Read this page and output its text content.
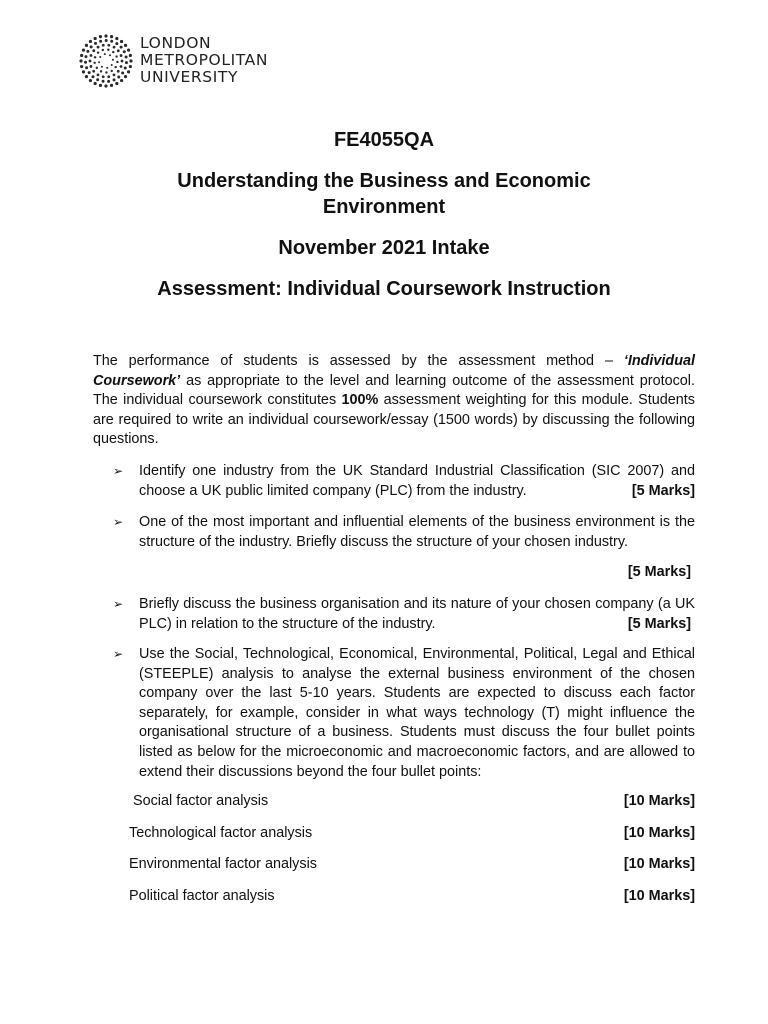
LONDON
METROPOLITAN
UNIVERSITY

FE4055QA

Understanding the Business and Economic
Environment

November 2021 Intake

Assessment: Individual Coursework Instruction

The performance of students is assessed by the assessment method – ‘Individual Coursework’ as appropriate to the level and learning outcome of the assessment protocol. The individual coursework constitutes 100% assessment weighting for this module. Students are required to write an individual coursework/essay (1500 words) by discussing the following questions.
➢	Identify one industry from the UK Standard Industrial Classification (SIC 2007) and choose a UK public limited company (PLC) from the industry.	[5 Marks]
➢	One of the most important and influential elements of the business environment is the structure of the industry. Briefly discuss the structure of your chosen industry.
[5 Marks]
➢	Briefly discuss the business organisation and its nature of your chosen company (a UK PLC) in relation to the structure of the industry.	[5 Marks]
➢	Use the Social, Technological, Economical, Environmental, Political, Legal and Ethical (STEEPLE) analysis to analyse the external business environment of the chosen company over the last 5-10 years. Students are expected to discuss each factor separately, for example, consider in what ways technology (T) might influence the organisational structure of a business. Students must discuss the four bullet points listed as below for the microeconomic and macroeconomic factors, and are allowed to extend their discussions beyond the four bullet points:
Social factor analysis	[10 Marks]
Technological factor analysis	[10 Marks]
Environmental factor analysis	[10 Marks]
Political factor analysis	[10 Marks]
